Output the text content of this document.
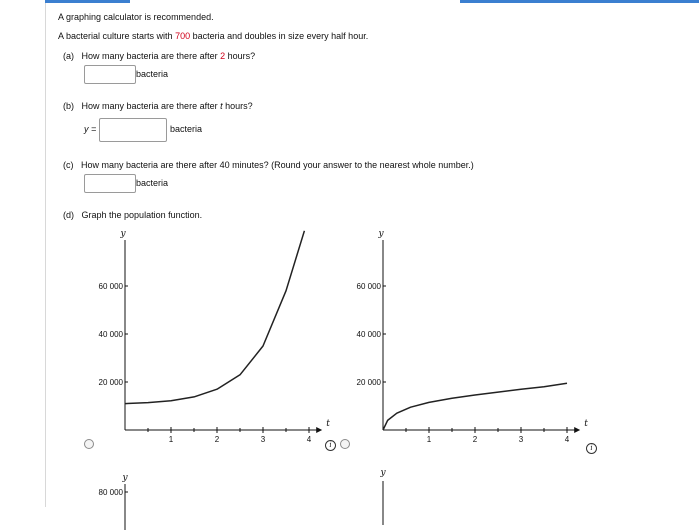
A graphing calculator is recommended.
A bacterial culture starts with 700 bacteria and doubles in size every half hour.
(a) How many bacteria are there after 2 hours?
bacteria
(b) How many bacteria are there after t hours?
y =	bacteria
(c) How many bacteria are there after 40 minutes? (Round your answer to the nearest whole number.)
bacteria
(d) Graph the population function.
y
t
1	2	3	4
20 000
40 000
60 000
i
y
t
1	2	3	4
20 000
40 000
60 000
i
y
80 000
y
